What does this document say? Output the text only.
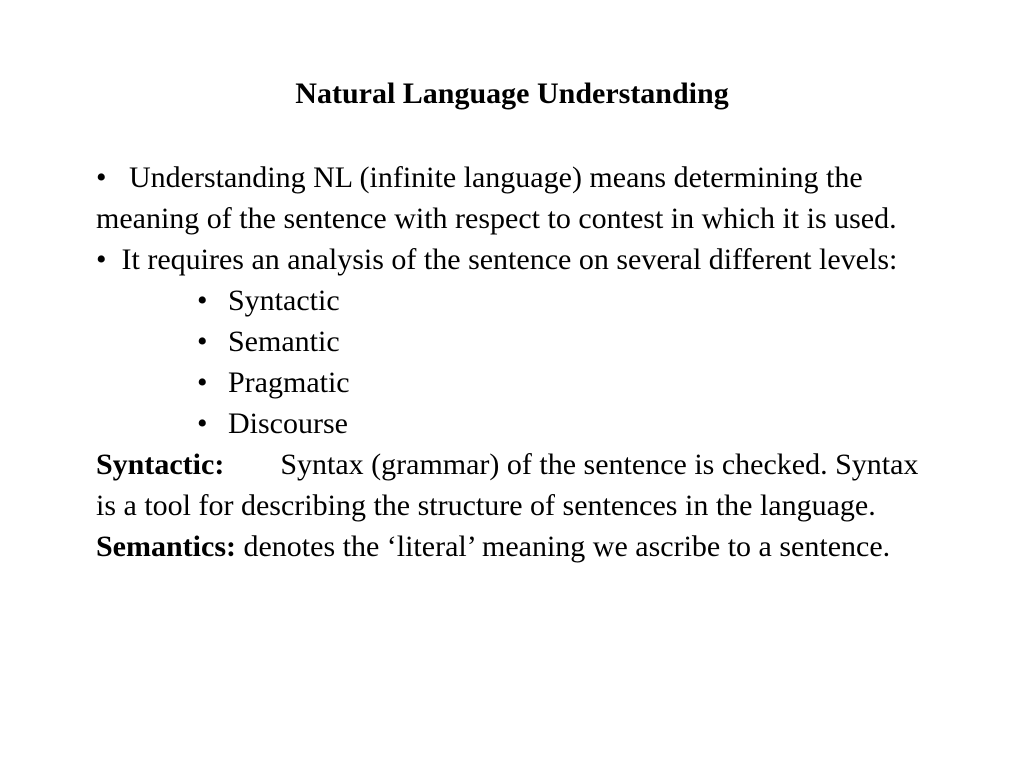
Natural Language Understanding

• Understanding NL (infinite language) means determining the meaning of the sentence with respect to contest in which it is used.

• It requires an analysis of the sentence on several different levels:

• Syntactic
• Semantic
• Pragmatic
• Discourse

Syntactic: Syntax (grammar) of the sentence is checked. Syntax is a tool for describing the structure of sentences in the language.

Semantics: denotes the ‘literal’ meaning we ascribe to a sentence.
